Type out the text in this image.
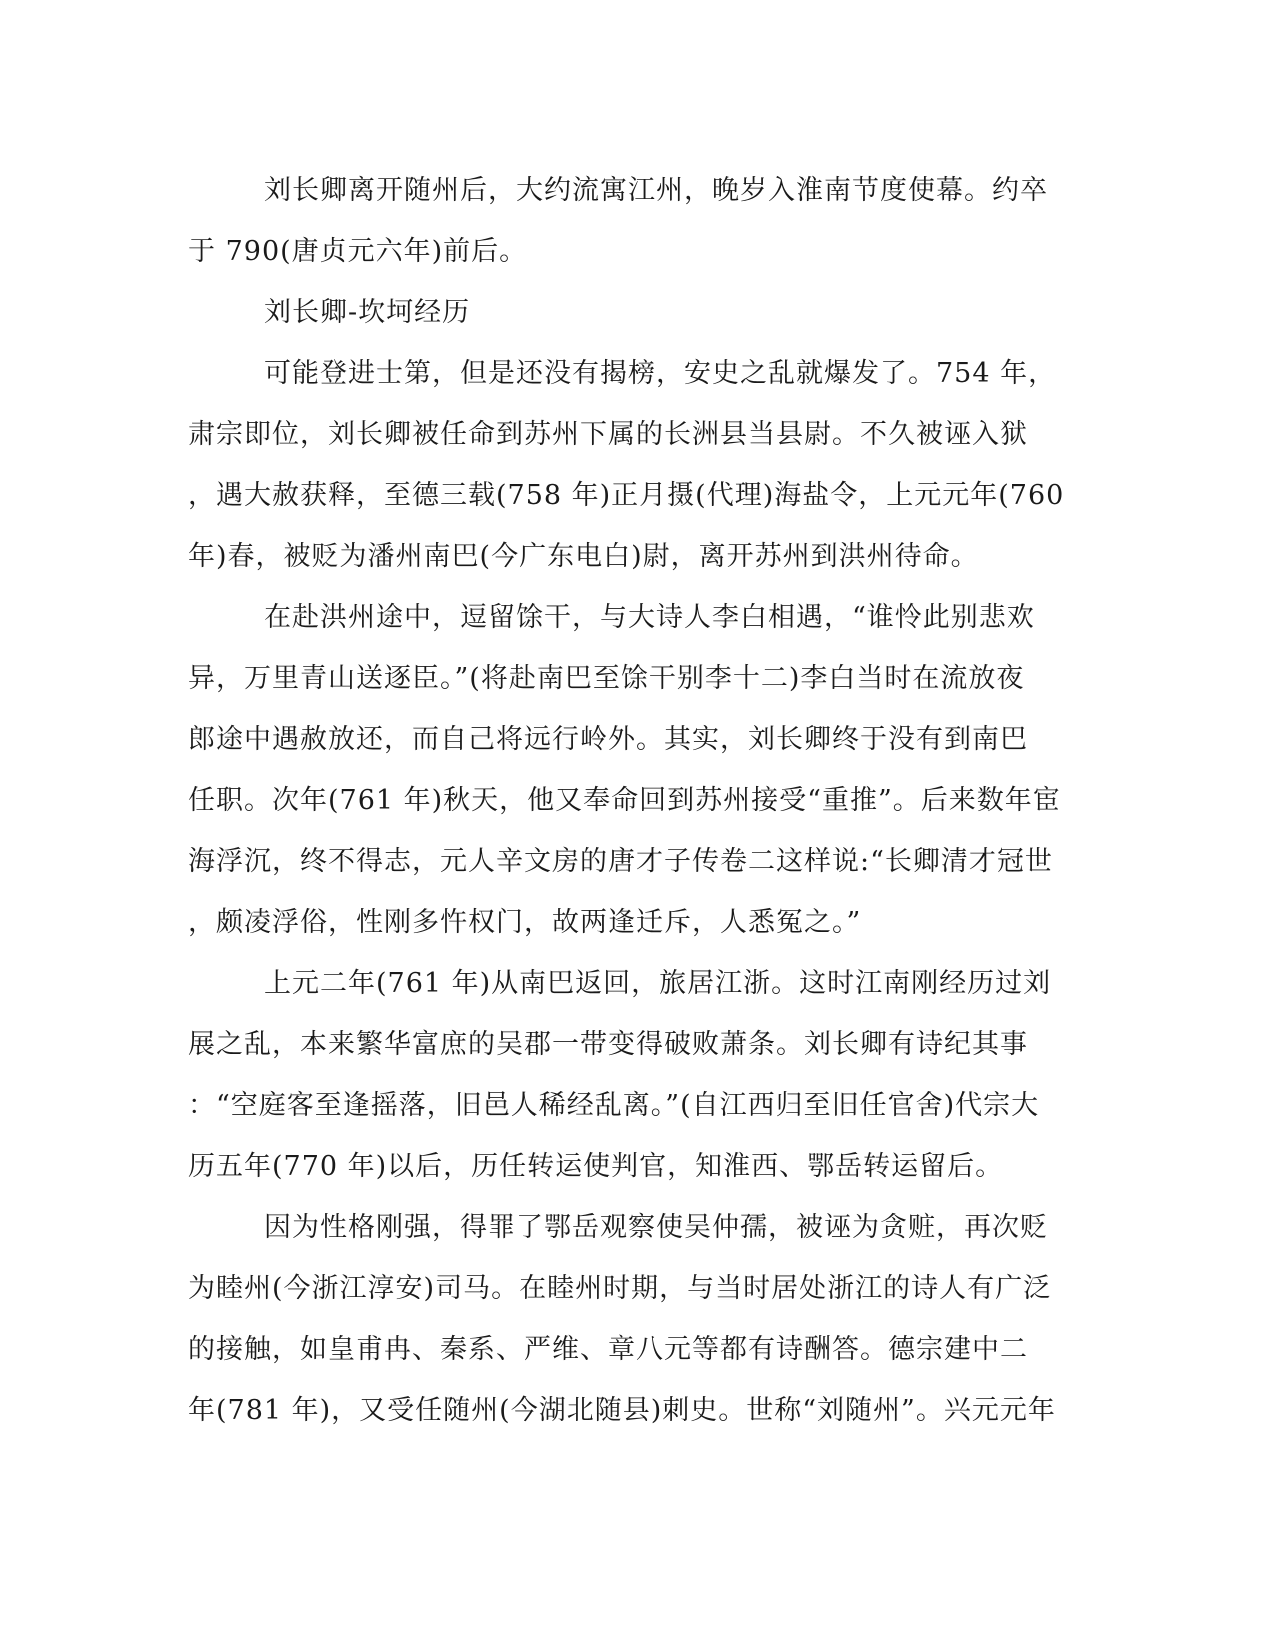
刘长卿离开随州后，大约流寓江州，晚岁入淮南节度使幕。约卒
于 790(唐贞元六年)前后。
刘长卿-坎坷经历
可能登进士第，但是还没有揭榜，安史之乱就爆发了。754 年，
肃宗即位，刘长卿被任命到苏州下属的长洲县当县尉。不久被诬入狱
，遇大赦获释，至德三载(758 年)正月摄(代理)海盐令，上元元年(760
年)春，被贬为潘州南巴(今广东电白)尉，离开苏州到洪州待命。
在赴洪州途中，逗留馀干，与大诗人李白相遇，“谁怜此别悲欢
异，万里青山送逐臣。”(将赴南巴至馀干别李十二)李白当时在流放夜
郎途中遇赦放还，而自己将远行岭外。其实，刘长卿终于没有到南巴
任职。次年(761 年)秋天，他又奉命回到苏州接受“重推”。后来数年宦
海浮沉，终不得志，元人辛文房的唐才子传卷二这样说:“长卿清才冠世
，颇凌浮俗，性刚多忤权门，故两逢迁斥，人悉冤之。”
上元二年(761 年)从南巴返回，旅居江浙。这时江南刚经历过刘
展之乱，本来繁华富庶的吴郡一带变得破败萧条。刘长卿有诗纪其事
：“空庭客至逢摇落，旧邑人稀经乱离。”(自江西归至旧任官舍)代宗大
历五年(770 年)以后，历任转运使判官，知淮西、鄂岳转运留后。
因为性格刚强，得罪了鄂岳观察使吴仲孺，被诬为贪赃，再次贬
为睦州(今浙江淳安)司马。在睦州时期，与当时居处浙江的诗人有广泛
的接触，如皇甫冉、秦系、严维、章八元等都有诗酬答。德宗建中二
年(781 年)，又受任随州(今湖北随县)刺史。世称“刘随州”。兴元元年
